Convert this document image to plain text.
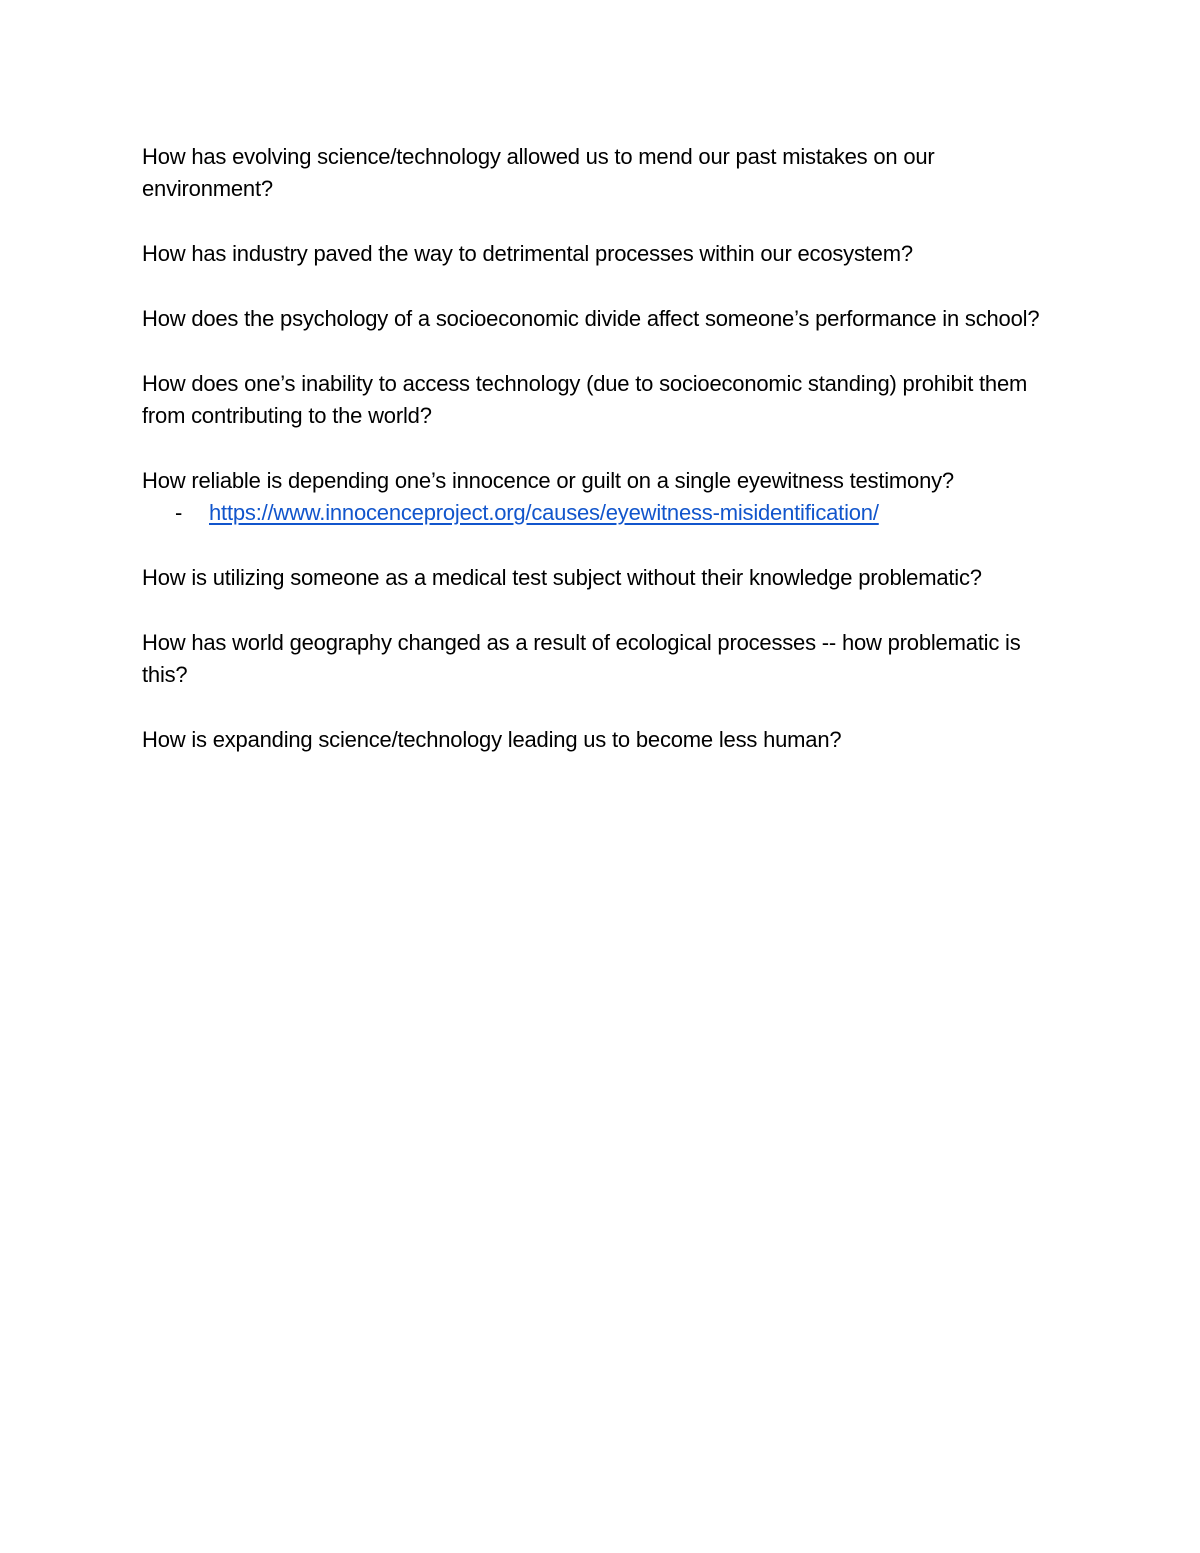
How has evolving science/technology allowed us to mend our past mistakes on our environment?

How has industry paved the way to detrimental processes within our ecosystem?

How does the psychology of a socioeconomic divide affect someone’s performance in school?

How does one’s inability to access technology (due to socioeconomic standing) prohibit them from contributing to the world?

How reliable is depending one’s innocence or guilt on a single eyewitness testimony?

-	https://www.innocenceproject.org/causes/eyewitness-misidentification/

How is utilizing someone as a medical test subject without their knowledge problematic?

How has world geography changed as a result of ecological processes -- how problematic is this?

How is expanding science/technology leading us to become less human?
